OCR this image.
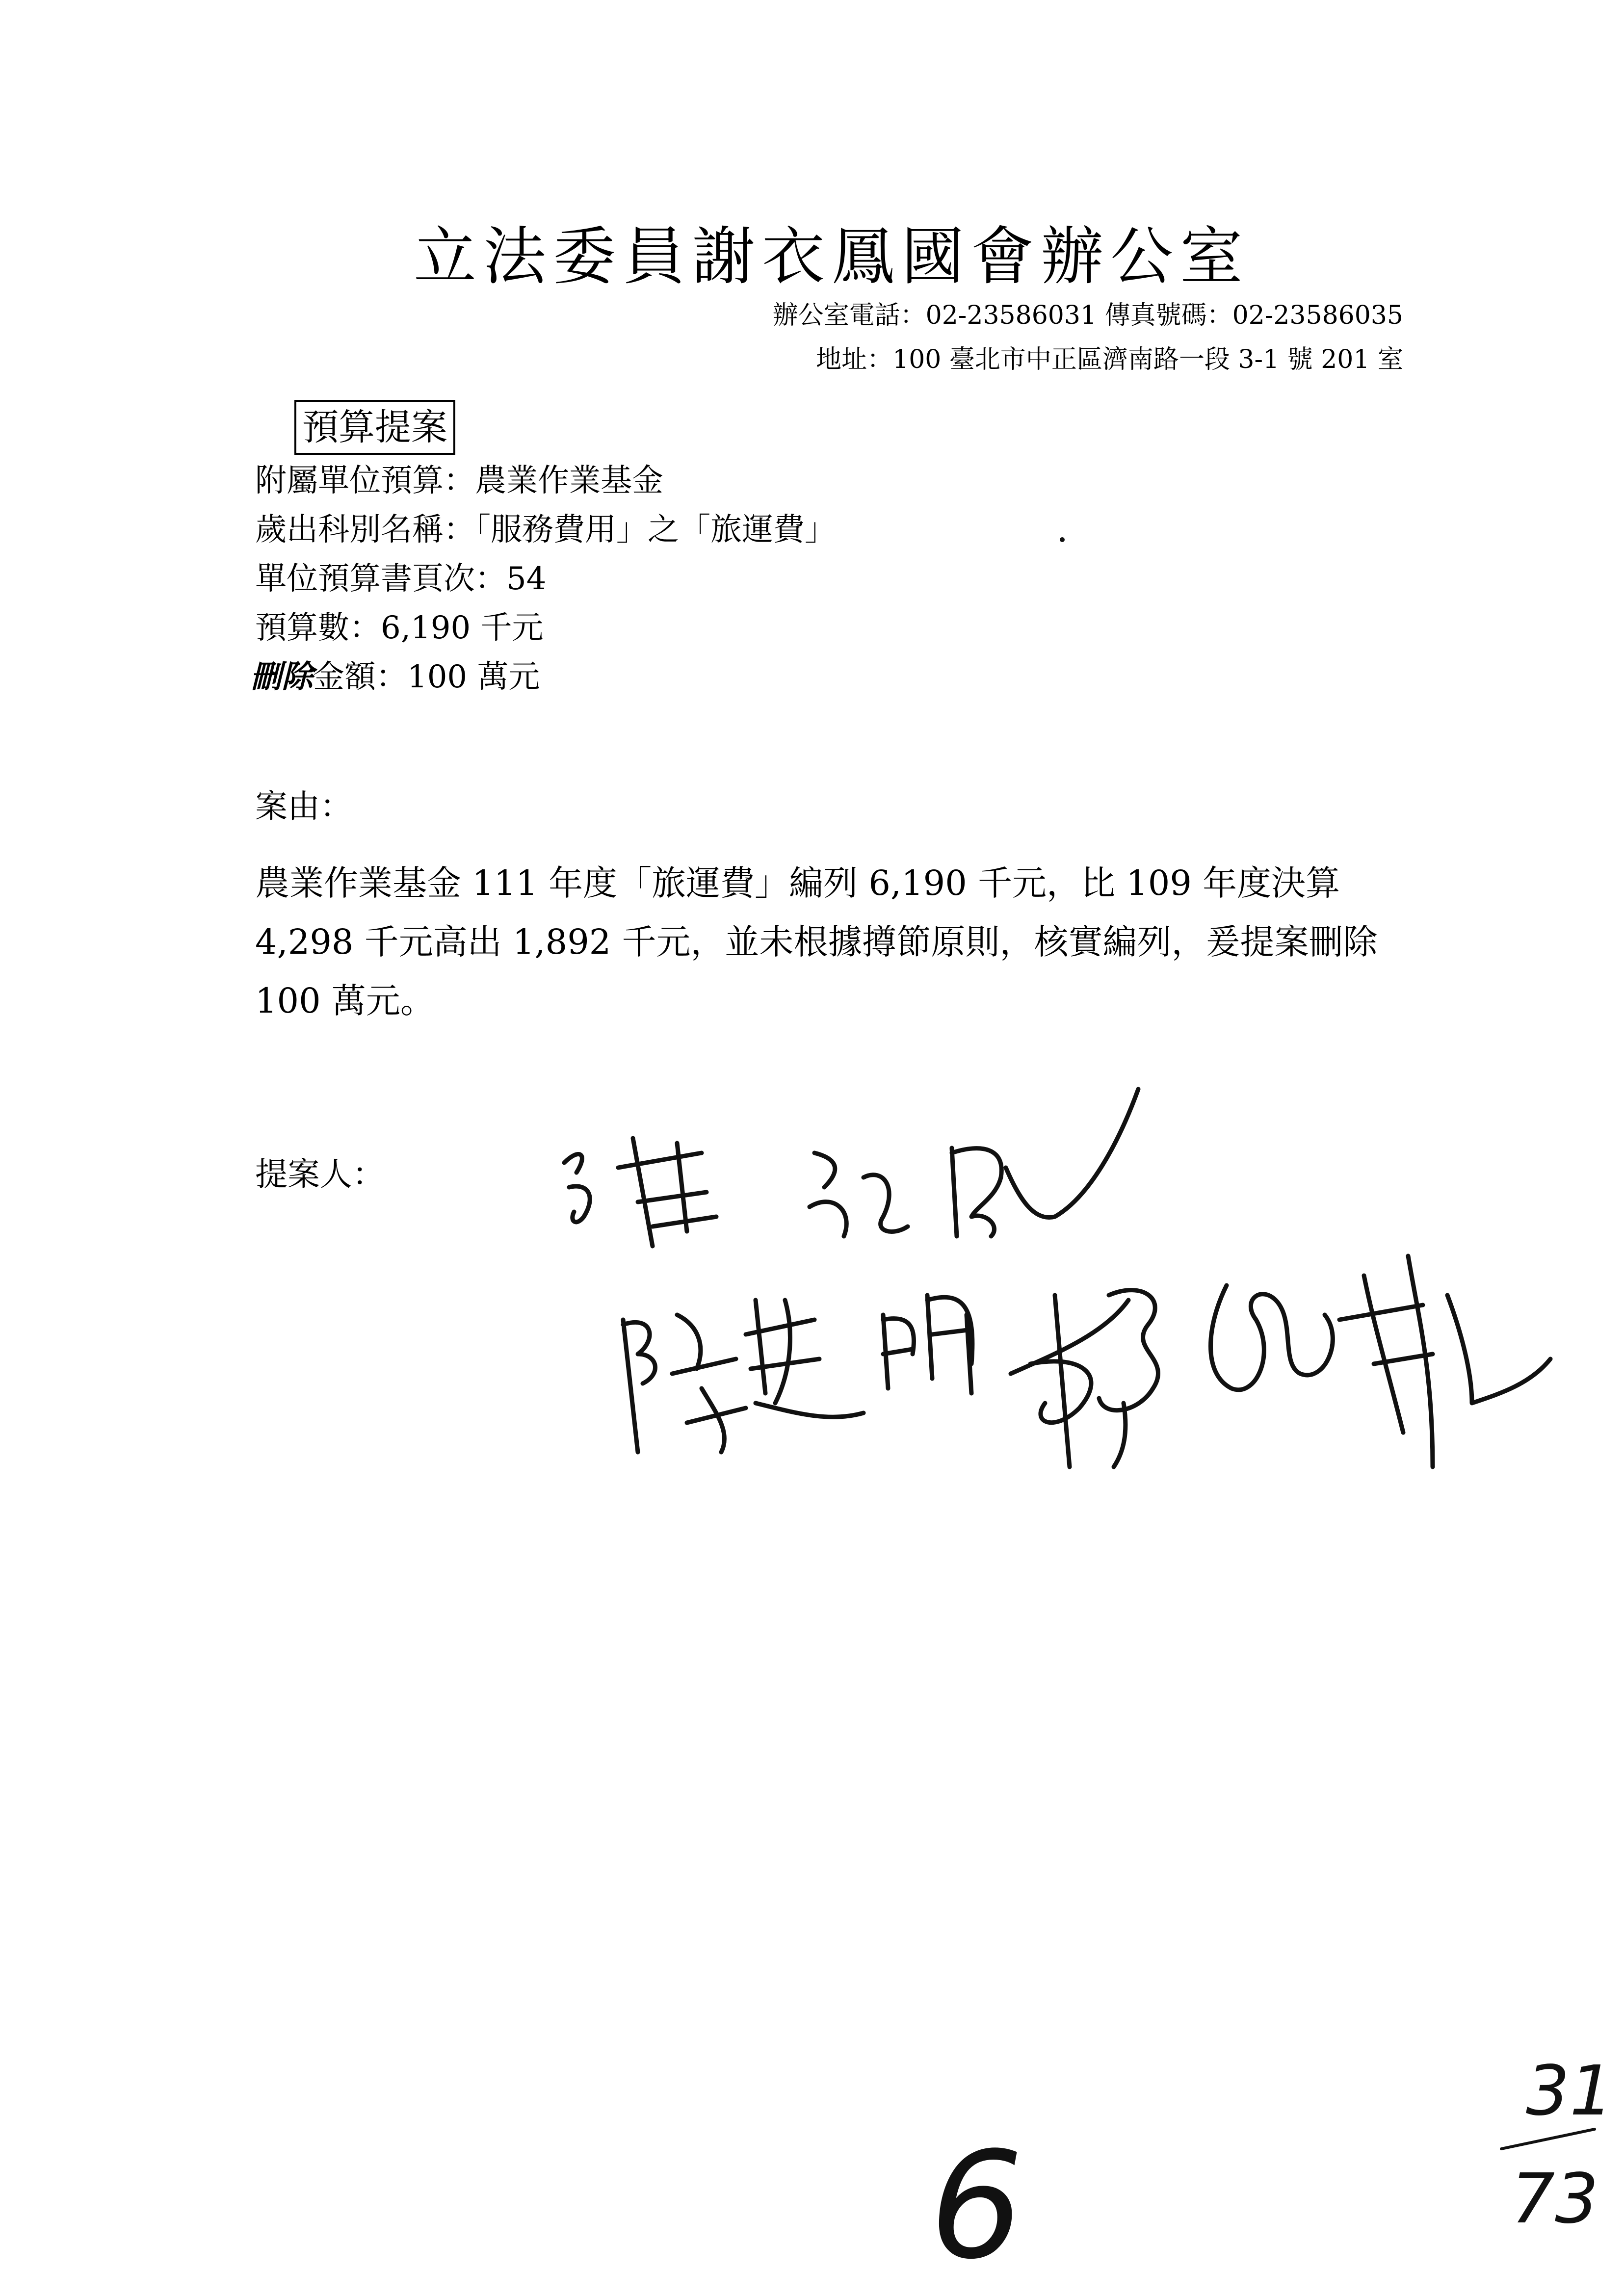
立法委員謝衣鳳國會辦公室
辦公室電話：02-23586031 傳真號碼：02-23586035
地址：100 臺北市中正區濟南路一段 3-1 號 201 室
預算提案
附屬單位預算：農業作業基金
歲出科別名稱：「服務費用」之「旅運費」
單位預算書頁次：54
預算數：6,190 千元
刪除金額：100 萬元
案由：
農業作業基金 111 年度「旅運費」編列 6,190 千元，比 109 年度決算 4,298 千元高出 1,892 千元，並未根據撙節原則，核實編列，爰提案刪除 100 萬元。
提案人：
6
31
73
